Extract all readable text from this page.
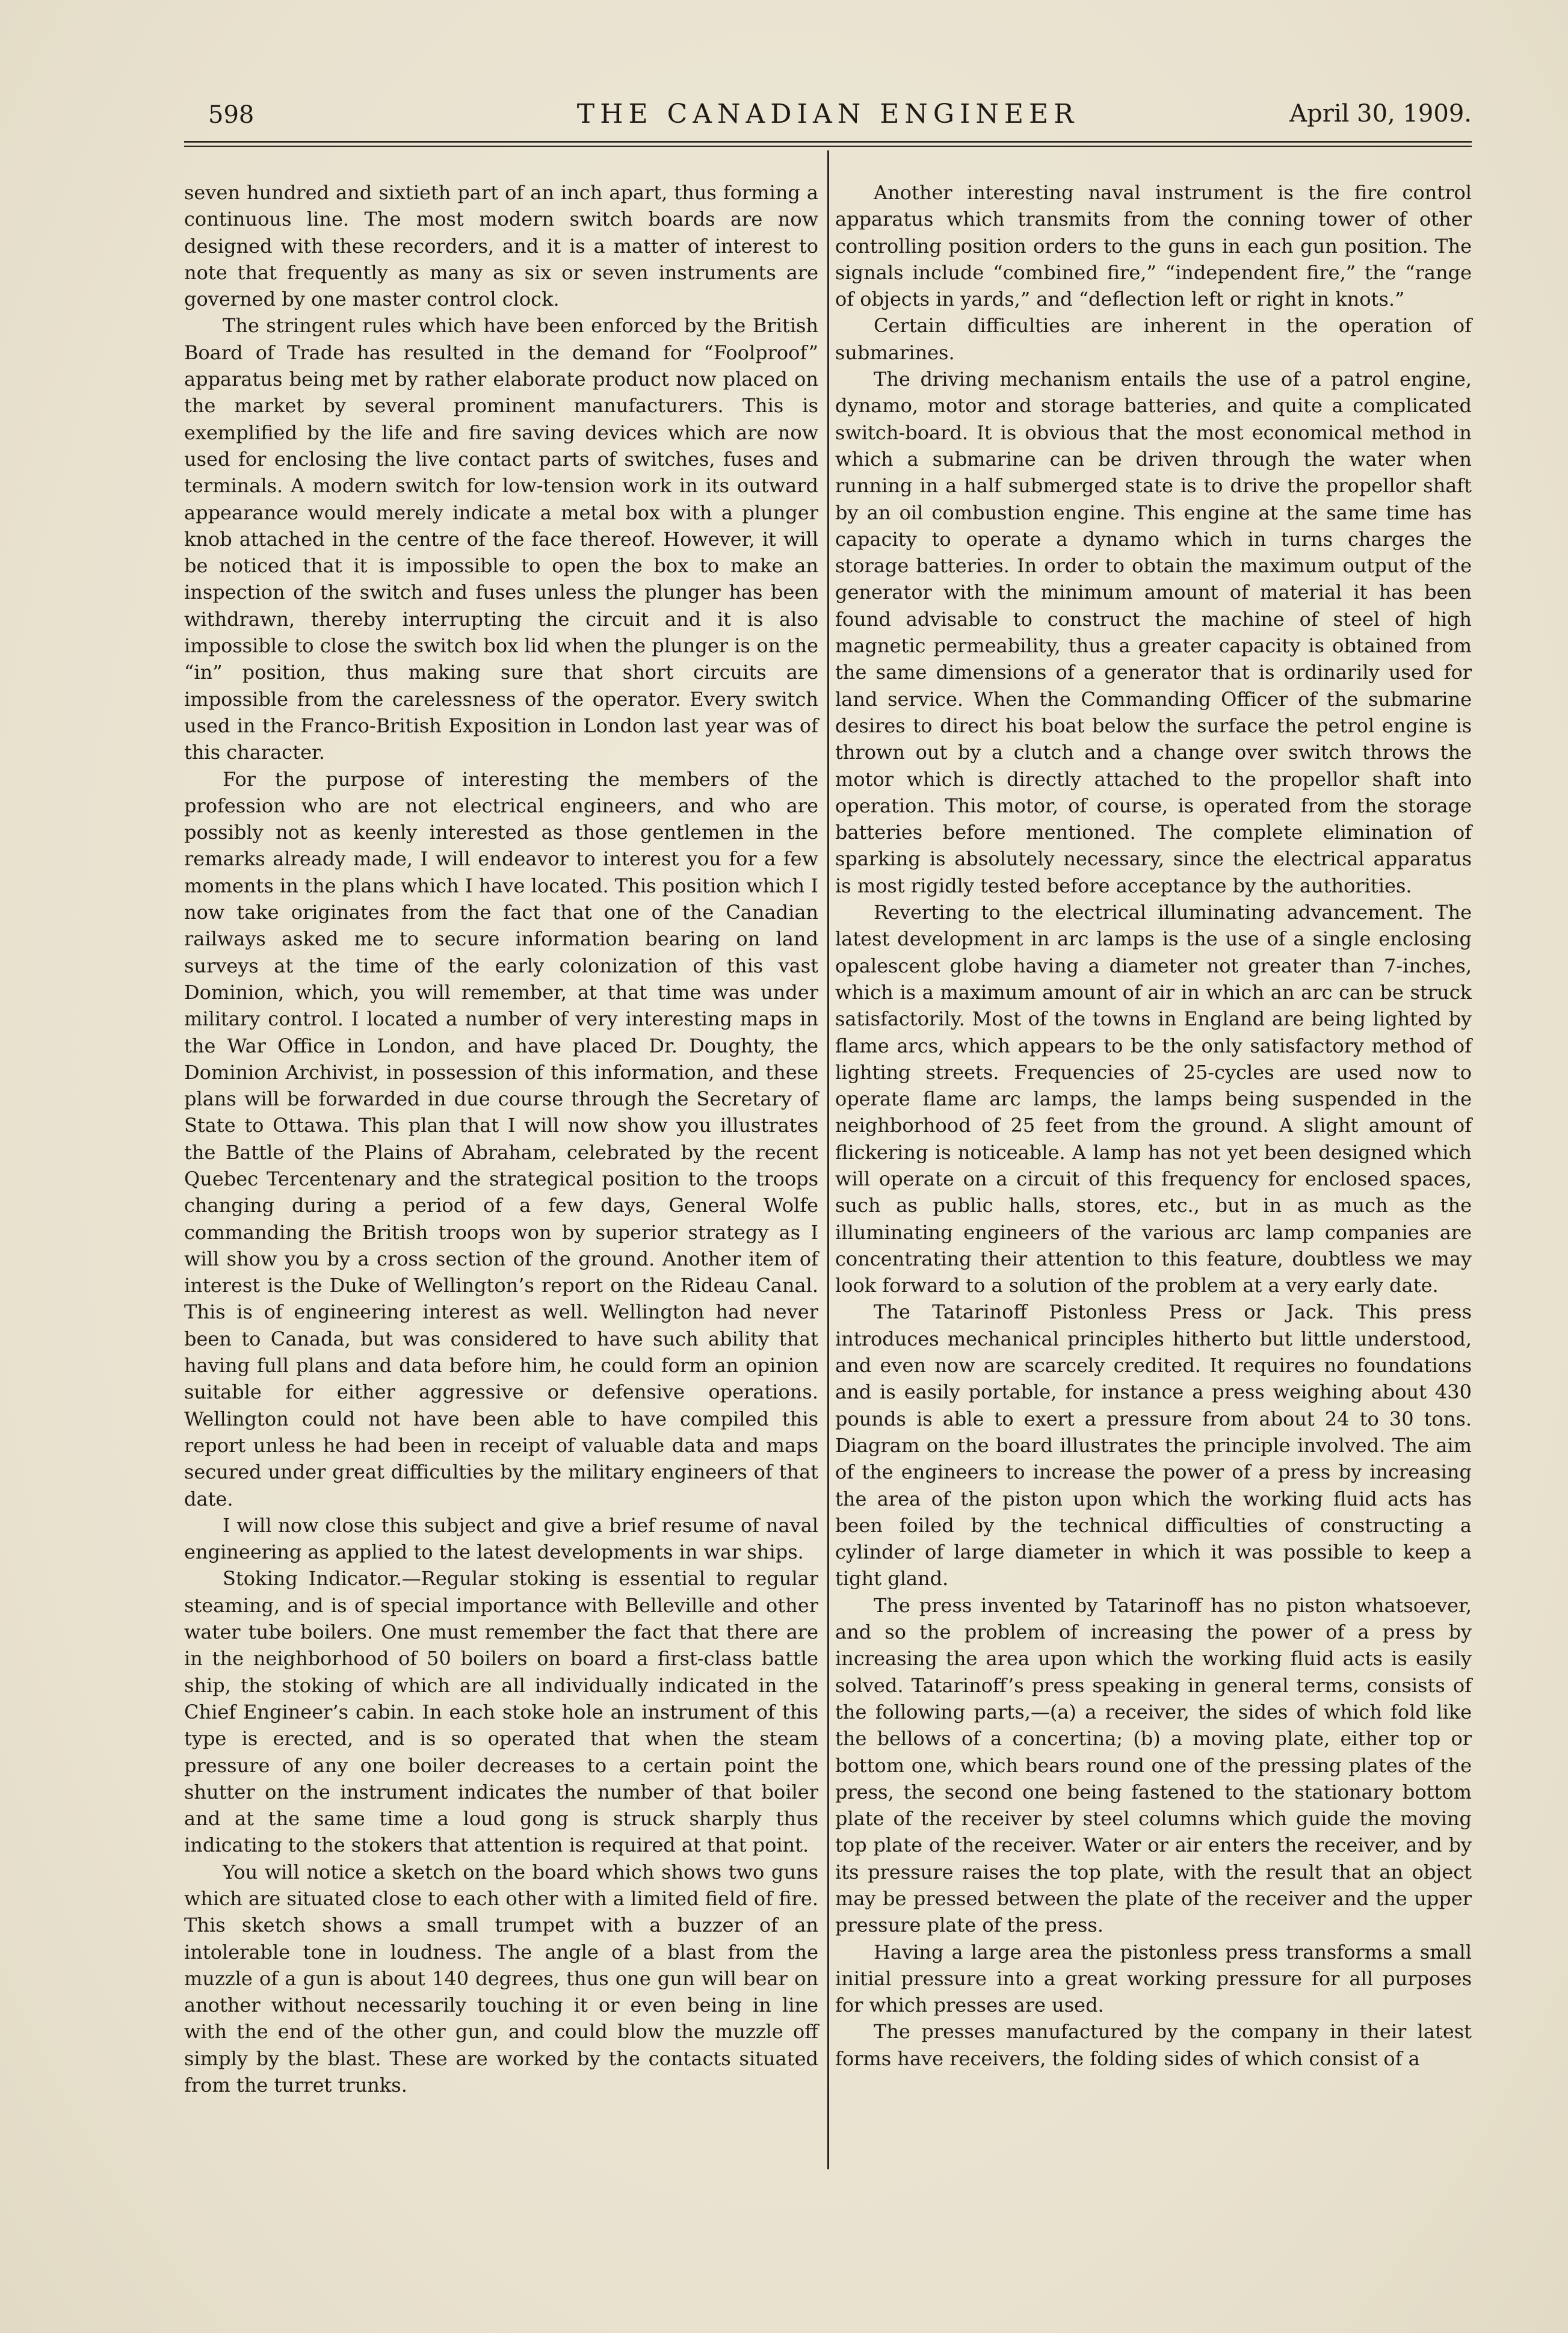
598	THE CANADIAN ENGINEER	April 30, 1909.

seven hundred and sixtieth part of an inch apart, thus forming a continuous line. The most modern switch boards are now designed with these recorders, and it is a matter of interest to note that frequently as many as six or seven instruments are governed by one master control clock.

The stringent rules which have been enforced by the British Board of Trade has resulted in the demand for “Foolproof” apparatus being met by rather elaborate product now placed on the market by several prominent manufacturers. This is exemplified by the life and fire saving devices which are now used for enclosing the live contact parts of switches, fuses and terminals. A modern switch for low-tension work in its outward appearance would merely indicate a metal box with a plunger knob attached in the centre of the face thereof. However, it will be noticed that it is impossible to open the box to make an inspection of the switch and fuses unless the plunger has been withdrawn, thereby interrupting the circuit and it is also impossible to close the switch box lid when the plunger is on the “in” position, thus making sure that short circuits are impossible from the carelessness of the operator. Every switch used in the Franco-British Exposition in London last year was of this character.

For the purpose of interesting the members of the profession who are not electrical engineers, and who are possibly not as keenly interested as those gentlemen in the remarks already made, I will endeavor to interest you for a few moments in the plans which I have located. This position which I now take originates from the fact that one of the Canadian railways asked me to secure information bearing on land surveys at the time of the early colonization of this vast Dominion, which, you will remember, at that time was under military control. I located a number of very interesting maps in the War Office in London, and have placed Dr. Doughty, the Dominion Archivist, in possession of this information, and these plans will be forwarded in due course through the Secretary of State to Ottawa. This plan that I will now show you illustrates the Battle of the Plains of Abraham, celebrated by the recent Quebec Tercentenary and the strategical position to the troops changing during a period of a few days, General Wolfe commanding the British troops won by superior strategy as I will show you by a cross section of the ground. Another item of interest is the Duke of Wellington’s report on the Rideau Canal. This is of engineering interest as well. Wellington had never been to Canada, but was considered to have such ability that having full plans and data before him, he could form an opinion suitable for either aggressive or defensive operations. Wellington could not have been able to have compiled this report unless he had been in receipt of valuable data and maps secured under great difficulties by the military engineers of that date.

I will now close this subject and give a brief resume of naval engineering as applied to the latest developments in war ships.

Stoking Indicator.—Regular stoking is essential to regular steaming, and is of special importance with Belleville and other water tube boilers. One must remember the fact that there are in the neighborhood of 50 boilers on board a first-class battle ship, the stoking of which are all individually indicated in the Chief Engineer’s cabin. In each stoke hole an instrument of this type is erected, and is so operated that when the steam pressure of any one boiler decreases to a certain point the shutter on the instrument indicates the number of that boiler and at the same time a loud gong is struck sharply thus indicating to the stokers that attention is required at that point.

You will notice a sketch on the board which shows two guns which are situated close to each other with a limited field of fire. This sketch shows a small trumpet with a buzzer of an intolerable tone in loudness. The angle of a blast from the muzzle of a gun is about 140 degrees, thus one gun will bear on another without necessarily touching it or even being in line with the end of the other gun, and could blow the muzzle off simply by the blast. These are worked by the contacts situated from the turret trunks.

Another interesting naval instrument is the fire control apparatus which transmits from the conning tower of other controlling position orders to the guns in each gun position. The signals include “combined fire,” “independent fire,” the “range of objects in yards,” and “deflection left or right in knots.”

Certain difficulties are inherent in the operation of submarines.

The driving mechanism entails the use of a patrol engine, dynamo, motor and storage batteries, and quite a complicated switch-board. It is obvious that the most economical method in which a submarine can be driven through the water when running in a half submerged state is to drive the propellor shaft by an oil combustion engine. This engine at the same time has capacity to operate a dynamo which in turns charges the storage batteries. In order to obtain the maximum output of the generator with the minimum amount of material it has been found advisable to construct the machine of steel of high magnetic permeability, thus a greater capacity is obtained from the same dimensions of a generator that is ordinarily used for land service. When the Commanding Officer of the submarine desires to direct his boat below the surface the petrol engine is thrown out by a clutch and a change over switch throws the motor which is directly attached to the propellor shaft into operation. This motor, of course, is operated from the storage batteries before mentioned. The complete elimination of sparking is absolutely necessary, since the electrical apparatus is most rigidly tested before acceptance by the authorities.

Reverting to the electrical illuminating advancement. The latest development in arc lamps is the use of a single enclosing opalescent globe having a diameter not greater than 7-inches, which is a maximum amount of air in which an arc can be struck satisfactorily. Most of the towns in England are being lighted by flame arcs, which appears to be the only satisfactory method of lighting streets. Frequencies of 25-cycles are used now to operate flame arc lamps, the lamps being suspended in the neighborhood of 25 feet from the ground. A slight amount of flickering is noticeable. A lamp has not yet been designed which will operate on a circuit of this frequency for enclosed spaces, such as public halls, stores, etc., but in as much as the illuminating engineers of the various arc lamp companies are concentrating their attention to this feature, doubtless we may look forward to a solution of the problem at a very early date.

The Tatarinoff Pistonless Press or Jack. This press introduces mechanical principles hitherto but little understood, and even now are scarcely credited. It requires no foundations and is easily portable, for instance a press weighing about 430 pounds is able to exert a pressure from about 24 to 30 tons. Diagram on the board illustrates the principle involved. The aim of the engineers to increase the power of a press by increasing the area of the piston upon which the working fluid acts has been foiled by the technical difficulties of constructing a cylinder of large diameter in which it was possible to keep a tight gland.

The press invented by Tatarinoff has no piston whatsoever, and so the problem of increasing the power of a press by increasing the area upon which the working fluid acts is easily solved. Tatarinoff’s press speaking in general terms, consists of the following parts,—(a) a receiver, the sides of which fold like the bellows of a concertina; (b) a moving plate, either top or bottom one, which bears round one of the pressing plates of the press, the second one being fastened to the stationary bottom plate of the receiver by steel columns which guide the moving top plate of the receiver. Water or air enters the receiver, and by its pressure raises the top plate, with the result that an object may be pressed between the plate of the receiver and the upper pressure plate of the press.

Having a large area the pistonless press transforms a small initial pressure into a great working pressure for all purposes for which presses are used.

The presses manufactured by the company in their latest forms have receivers, the folding sides of which consist of a
